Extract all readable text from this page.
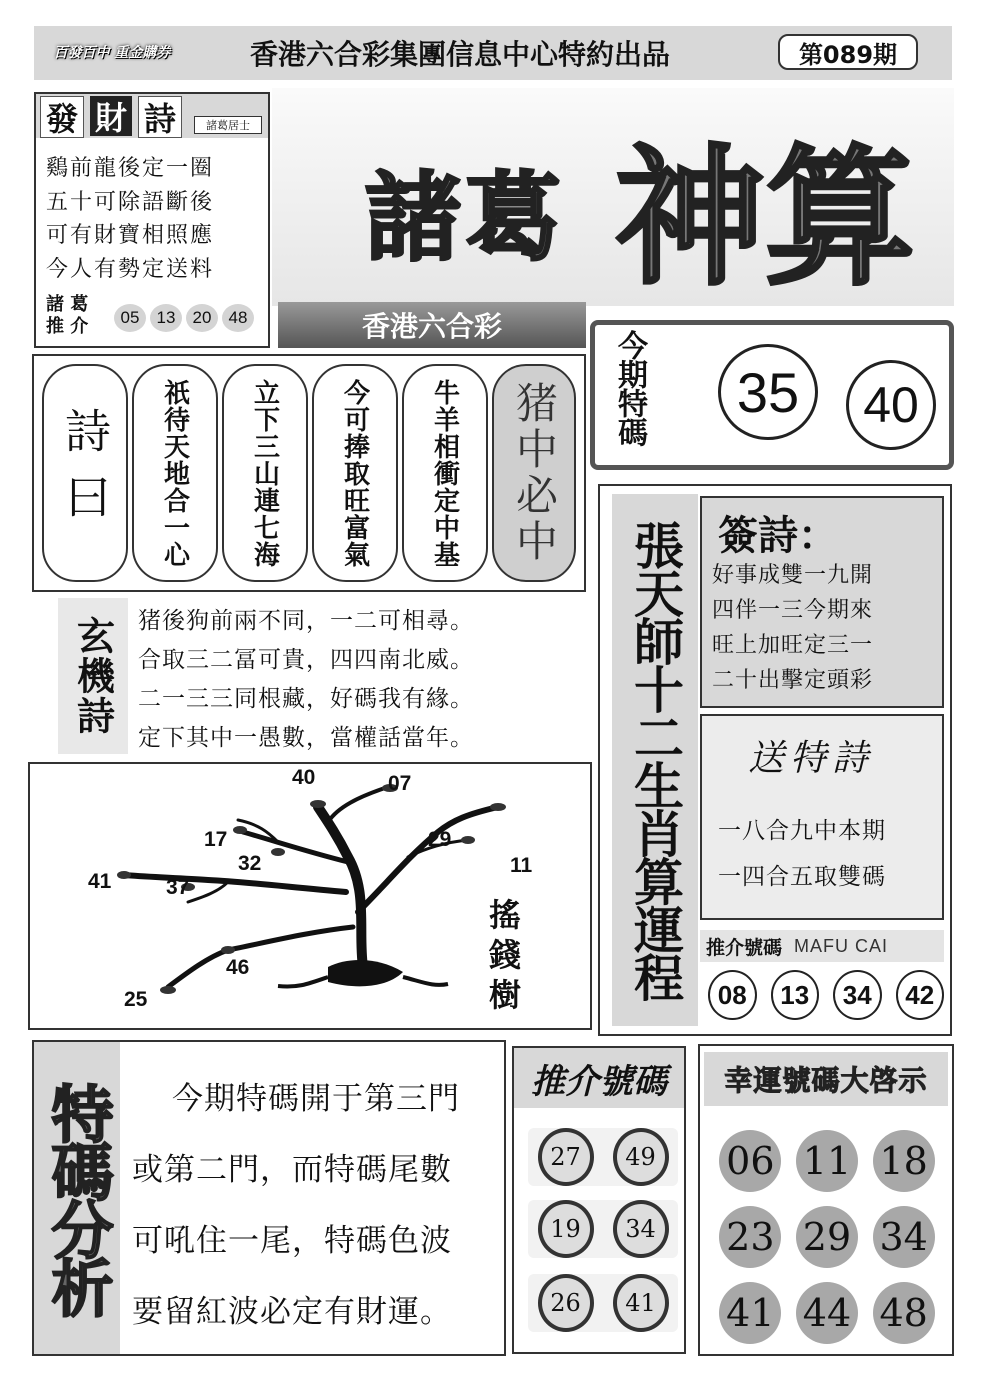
百發百中 重金購券	香港六合彩集團信息中心特約出品	第089期
發 財 詩	諸葛居士
鷄前龍後定一圈
五十可除語斷後
可有財寶相照應
今人有勢定送料
諸 葛
推 介	05	13	20	48
諸葛 神算
香港六合彩
今期特碼 35 40
詩曰 祇待天地合一心 立下三山連七海 今可捧取旺富氣 牛羊相衝定中基 猪中必中
玄機詩 猪後狗前兩不同，一二可相尋。
合取三二冨可貴，四四南北威。
二一三三同根藏，好碼我有緣。
定下其中一愚數，當權話當年。
40	07
17	29
32	11
41	37
46
25	搖錢樹	張天師十二生肖算運程 簽詩：
好事成雙一九開
四伴一三今期來
旺上加旺定三一
二十出擊定頭彩
送特詩
一八合九中本期
一四合五取雙碼
推介號碼 MAFU CAI
08	13	34	42
特碼分析	今期特碼開于第三門
或第二門，而特碼尾數
可吼住一尾，特碼色波
要留紅波必定有財運。
推介號碼
27	49
19	34
26	41
幸運號碼大啓示
06 11 18
23 29 34
41 44 48
